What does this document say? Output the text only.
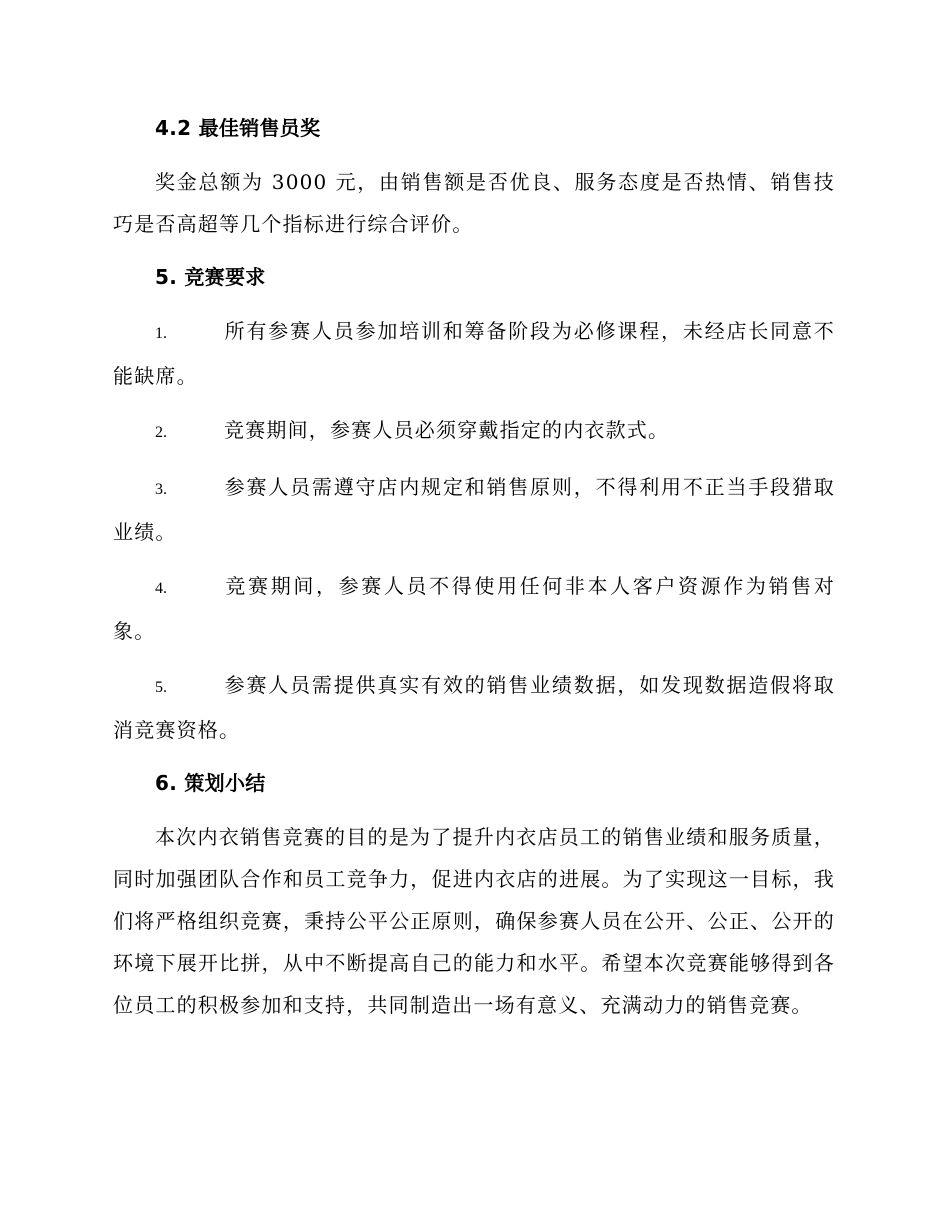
4.2 最佳销售员奖

奖金总额为 3000 元，由销售额是否优良、服务态度是否热情、销售技巧是否高超等几个指标进行综合评价。

5. 竞赛要求

1.	所有参赛人员参加培训和筹备阶段为必修课程，未经店长同意不能缺席。

2.	竞赛期间，参赛人员必须穿戴指定的内衣款式。

3.	参赛人员需遵守店内规定和销售原则，不得利用不正当手段猎取业绩。

4.	竞赛期间，参赛人员不得使用任何非本人客户资源作为销售对象。

5.	参赛人员需提供真实有效的销售业绩数据，如发现数据造假将取消竞赛资格。

6. 策划小结

本次内衣销售竞赛的目的是为了提升内衣店员工的销售业绩和服务质量，同时加强团队合作和员工竞争力，促进内衣店的进展。为了实现这一目标，我们将严格组织竞赛，秉持公平公正原则，确保参赛人员在公开、公正、公开的环境下展开比拼，从中不断提高自己的能力和水平。希望本次竞赛能够得到各位员工的积极参加和支持，共同制造出一场有意义、充满动力的销售竞赛。
